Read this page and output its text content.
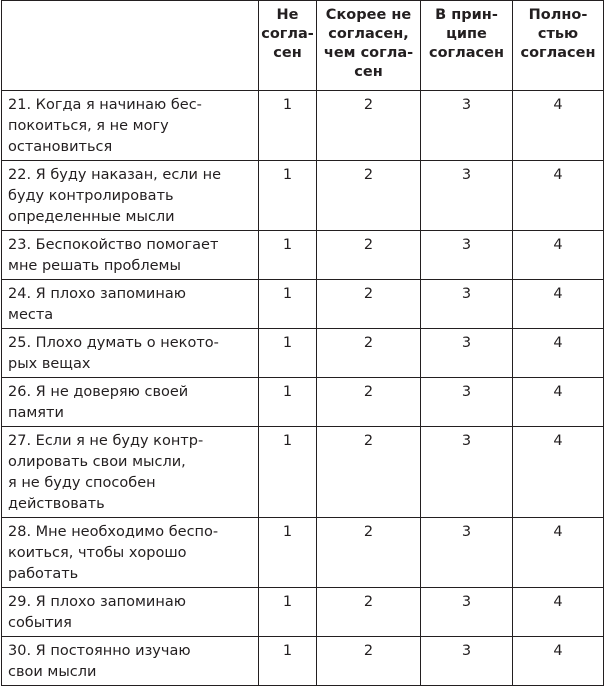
	Не
согла-
сен	Скорее не
согласен,
чем согла-
сен	В прин-
ципе
согласен	Полно-
стью
согласен

21. Когда я начинаю бес-
покоиться, я не могу
остановиться	1	2	3	4

22. Я буду наказан, если не
буду контролировать
определенные мысли	1	2	3	4

23. Беспокойство помогает
мне решать проблемы	1	2	3	4

24. Я плохо запоминаю
места	1	2	3	4

25. Плохо думать о некото-
рых вещах	1	2	3	4

26. Я не доверяю своей
памяти	1	2	3	4

27. Если я не буду контр-
олировать свои мысли,
я не буду способен
действовать	1	2	3	4

28. Мне необходимо беспо-
коиться, чтобы хорошо
работать	1	2	3	4

29. Я плохо запоминаю
события	1	2	3	4

30. Я постоянно изучаю
свои мысли	1	2	3	4
